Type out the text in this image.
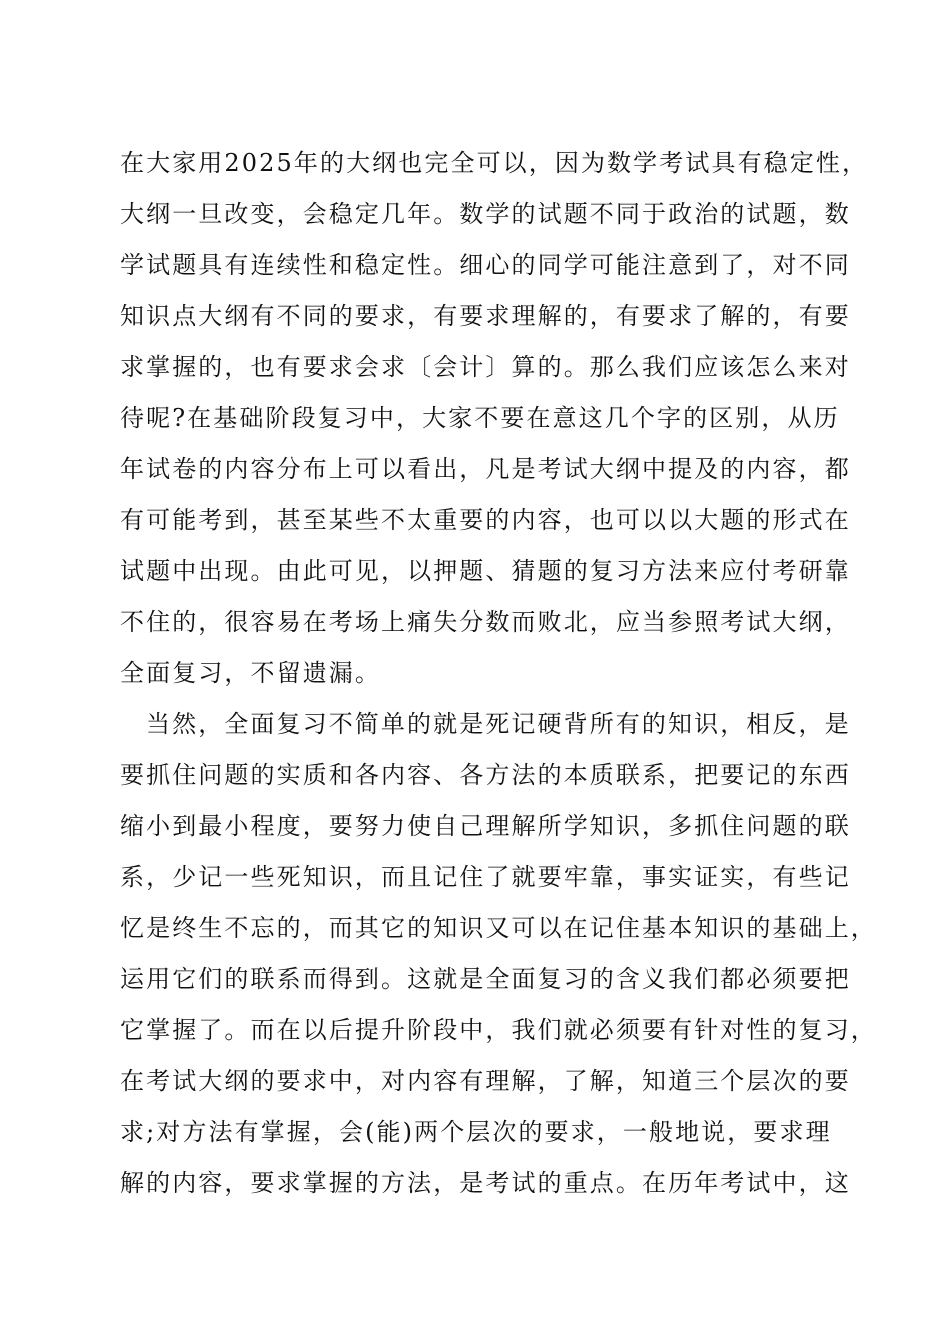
在大家用2025年的大纲也完全可以，因为数学考试具有稳定性，
大纲一旦改变，会稳定几年。数学的试题不同于政治的试题，数
学试题具有连续性和稳定性。细心的同学可能注意到了，对不同
知识点大纲有不同的要求，有要求理解的，有要求了解的，有要
求掌握的，也有要求会求〔会计〕算的。那么我们应该怎么来对
待呢?在基础阶段复习中，大家不要在意这几个字的区别，从历
年试卷的内容分布上可以看出，凡是考试大纲中提及的内容，都
有可能考到，甚至某些不太重要的内容，也可以以大题的形式在
试题中出现。由此可见，以押题、猜题的复习方法来应付考研靠
不住的，很容易在考场上痛失分数而败北，应当参照考试大纲，
全面复习，不留遗漏。
当然，全面复习不简单的就是死记硬背所有的知识，相反，是
要抓住问题的实质和各内容、各方法的本质联系，把要记的东西
缩小到最小程度，要努力使自己理解所学知识，多抓住问题的联
系，少记一些死知识，而且记住了就要牢靠，事实证实，有些记
忆是终生不忘的，而其它的知识又可以在记住基本知识的基础上，
运用它们的联系而得到。这就是全面复习的含义我们都必须要把
它掌握了。而在以后提升阶段中，我们就必须要有针对性的复习，
在考试大纲的要求中，对内容有理解，了解，知道三个层次的要
求;对方法有掌握，会(能)两个层次的要求，一般地说，要求理
解的内容，要求掌握的方法，是考试的重点。在历年考试中，这
